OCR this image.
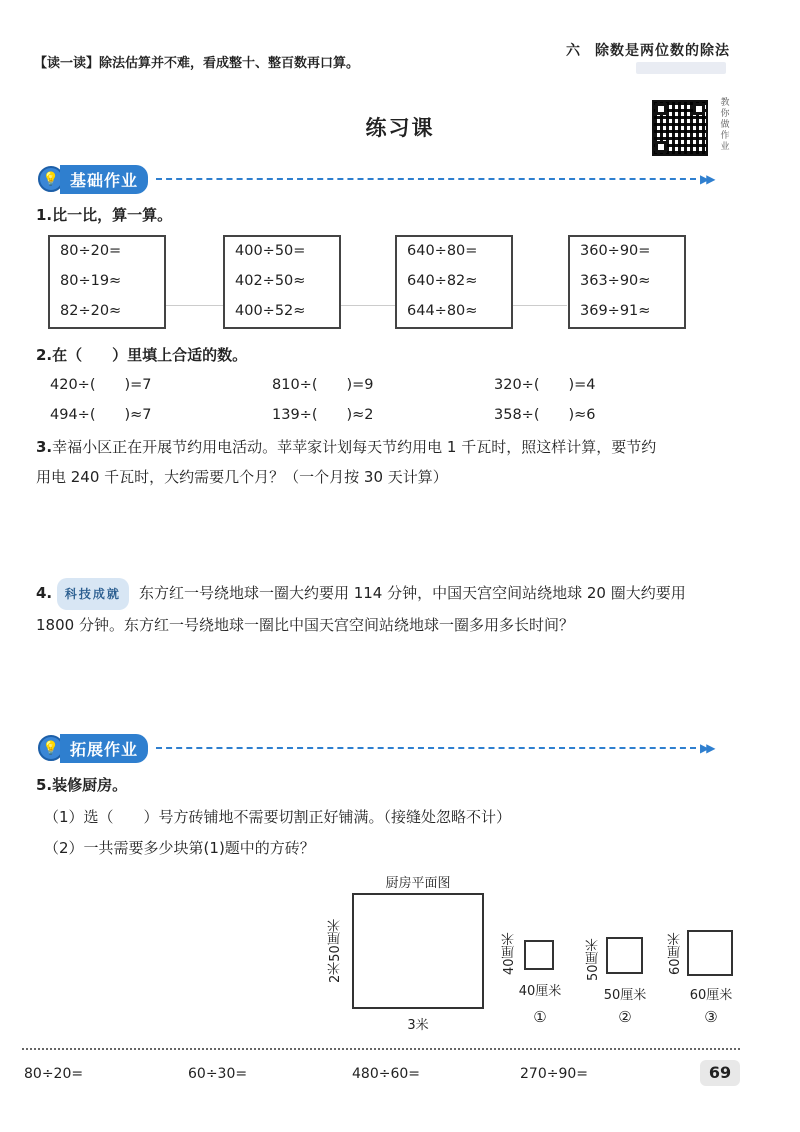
【读一读】除法估算并不难，看成整十、整百数再口算。
六 除数是两位数的除法
练习课
教你做作业
💡 基础作业	▶▶
1.比一比，算一算。
80÷20=
80÷19≈
82÷20≈
400÷50=
402÷50≈
400÷52≈
640÷80=
640÷82≈
644÷80≈
360÷90=
363÷90≈
369÷91≈
2.在（　　）里填上合适的数。
420÷(　　)=7	810÷(　　)=9	320÷(　　)=4
494÷(　　)≈7	139÷(　　)≈2	358÷(　　)≈6
3.幸福小区正在开展节约用电活动。苹苹家计划每天节约用电 1 千瓦时，照这样计算，要节约
用电 240 千瓦时，大约需要几个月？（一个月按 30 天计算）
4. 科技成就 东方红一号绕地球一圈大约要用 114 分钟，中国天宫空间站绕地球 20 圈大约要用
1800 分钟。东方红一号绕地球一圈比中国天宫空间站绕地球一圈多用多长时间？
💡 拓展作业	▶▶
5.装修厨房。
（1）选（　　）号方砖铺地不需要切割正好铺满。（接缝处忽略不计）
（2）一共需要多少块第(1)题中的方砖？
厨房平面图
2米50厘米
3米
40厘米
40厘米
①
50厘米
50厘米
②
60厘米
60厘米
③
80÷20=	60÷30=	480÷60=	270÷90=	69
